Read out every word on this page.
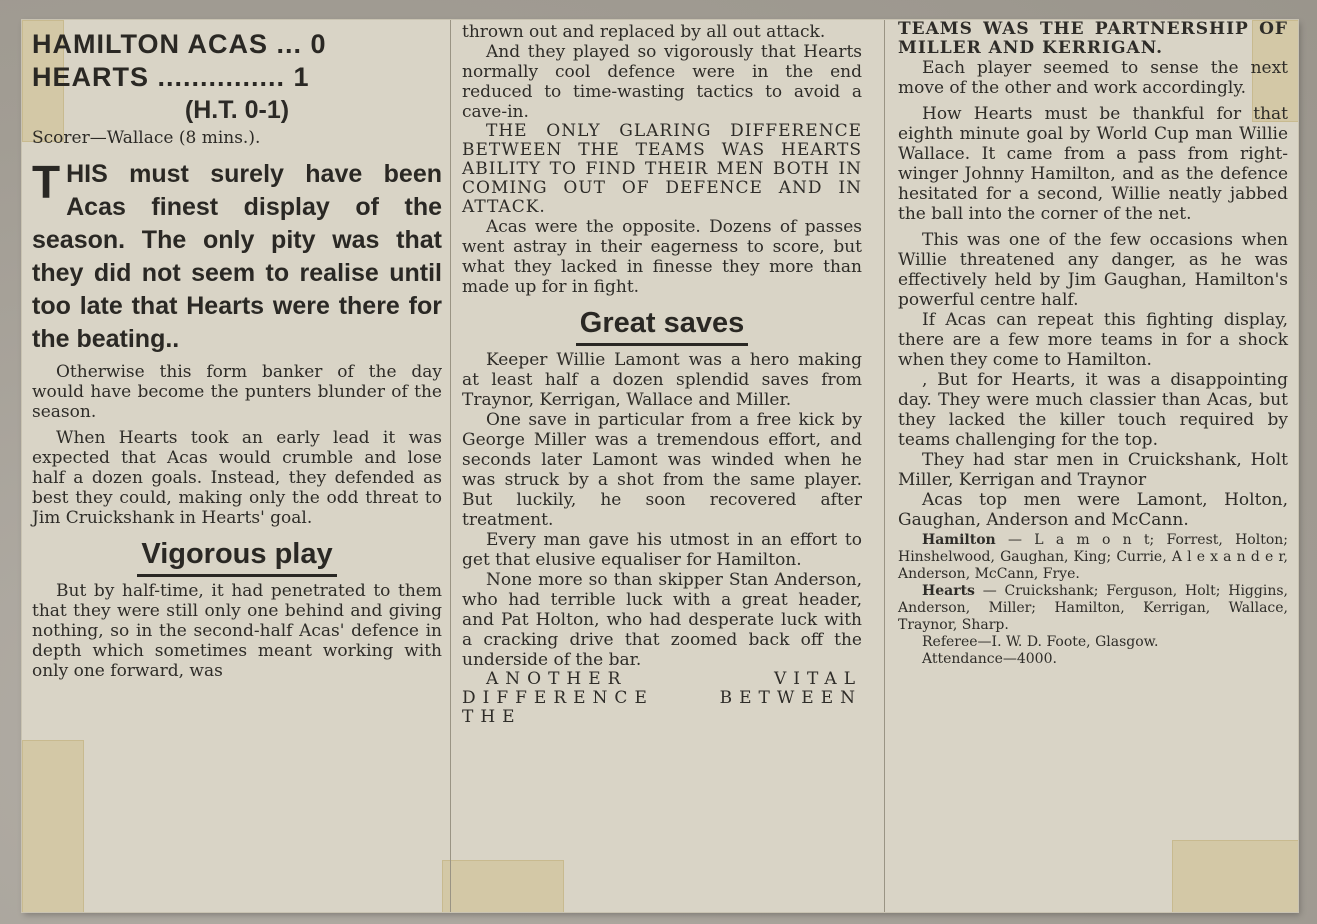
HAMILTON ACAS ... 0
HEARTS ............... 1
(H.T. 0-1)
Scorer—Wallace (8 mins.).
THIS must surely have been Acas finest display of the season. The only pity was that they did not seem to realise until too late that Hearts were there for the beating..

Otherwise this form banker of the day would have become the punters blunder of the season.

When Hearts took an early lead it was expected that Acas would crumble and lose half a dozen goals. Instead, they defended as best they could, making only the odd threat to Jim Cruickshank in Hearts' goal.

Vigorous play

But by half-time, it had penetrated to them that they were still only one behind and giving nothing, so in the second-half Acas' defence in depth which sometimes meant working with only one forward, was

thrown out and replaced by all out attack.

And they played so vigorously that Hearts normally cool defence were in the end reduced to time-wasting tactics to avoid a cave-in.

THE ONLY GLARING DIFFERENCE BETWEEN THE TEAMS WAS HEARTS ABILITY TO FIND THEIR MEN BOTH IN COMING OUT OF DEFENCE AND IN ATTACK.

Acas were the opposite. Dozens of passes went astray in their eagerness to score, but what they lacked in finesse they more than made up for in fight.

Great saves

Keeper Willie Lamont was a hero making at least half a dozen splendid saves from Traynor, Kerrigan, Wallace and Miller.

One save in particular from a free kick by George Miller was a tremendous effort, and seconds later Lamont was winded when he was struck by a shot from the same player. But luckily, he soon recovered after treatment.

Every man gave his utmost in an effort to get that elusive equaliser for Hamilton.

None more so than skipper Stan Anderson, who had terrible luck with a great header, and Pat Holton, who had desperate luck with a cracking drive that zoomed back off the underside of the bar.

ANOTHER VITAL DIFFERENCE BETWEEN THE

TEAMS WAS THE PARTNERSHIP OF MILLER AND KERRIGAN.

Each player seemed to sense the next move of the other and work accordingly.

How Hearts must be thankful for that eighth minute goal by World Cup man Willie Wallace. It came from a pass from right-winger Johnny Hamilton, and as the defence hesitated for a second, Willie neatly jabbed the ball into the corner of the net.

This was one of the few occasions when Willie threatened any danger, as he was effectively held by Jim Gaughan, Hamilton's powerful centre half.

If Acas can repeat this fighting display, there are a few more teams in for a shock when they come to Hamilton.

, But for Hearts, it was a disappointing day. They were much classier than Acas, but they lacked the killer touch required by teams challenging for the top.

They had star men in Cruickshank, Holt Miller, Kerrigan and Traynor

Acas top men were Lamont, Holton, Gaughan, Anderson and McCann.

Hamilton — L a m o n t; Forrest, Holton; Hinshelwood, Gaughan, King; Currie, A l e x a n d e r, Anderson, McCann, Frye.
Hearts — Cruickshank; Ferguson, Holt; Higgins, Anderson, Miller; Hamilton, Kerrigan, Wallace, Traynor, Sharp.
Referee—I. W. D. Foote, Glasgow.
Attendance—4000.
